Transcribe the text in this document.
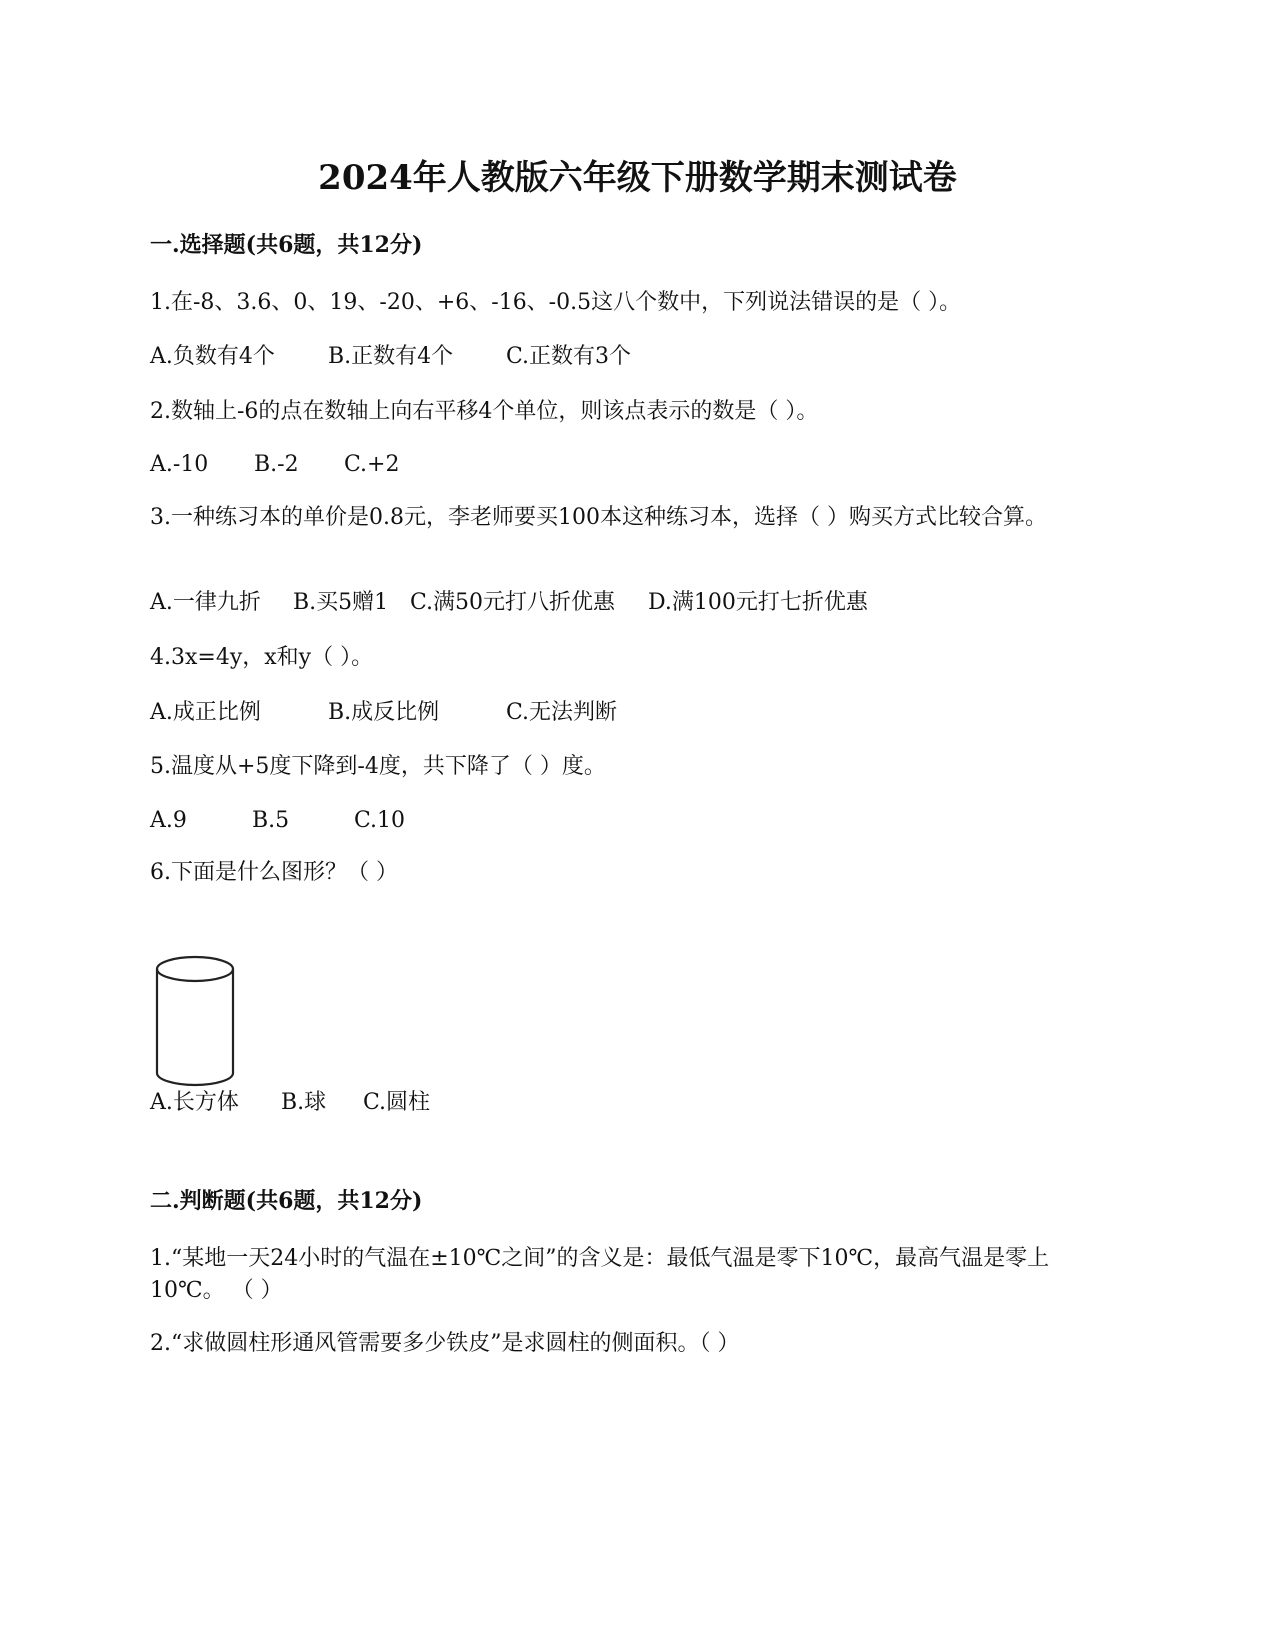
2024年人教版六年级下册数学期末测试卷
一.选择题(共6题，共12分)
1.在-8、3.6、0、19、-20、+6、-16、-0.5这八个数中，下列说法错误的是（ ）。
A.负数有4个 B.正数有4个 C.正数有3个
2.数轴上-6的点在数轴上向右平移4个单位，则该点表示的数是（ ）。
A.-10 B.-2 C.+2
3.一种练习本的单价是0.8元，李老师要买100本这种练习本，选择（ ）购买方式比较合算。
A.一律九折 B.买5赠1 C.满50元打八折优惠 D.满100元打七折优惠
4.3x=4y，x和y（ ）。
A.成正比例	B.成反比例	C.无法判断
5.温度从+5度下降到-4度，共下降了（ ）度。
A.9	B.5	C.10
6.下面是什么图形？（ ）
A.长方体 B.球 C.圆柱
二.判断题(共6题，共12分)
1.“某地一天24小时的气温在±10℃之间”的含义是：最低气温是零下10℃，最高气温是零上10℃。 （ ）
2.“求做圆柱形通风管需要多少铁皮”是求圆柱的侧面积。（ ）
